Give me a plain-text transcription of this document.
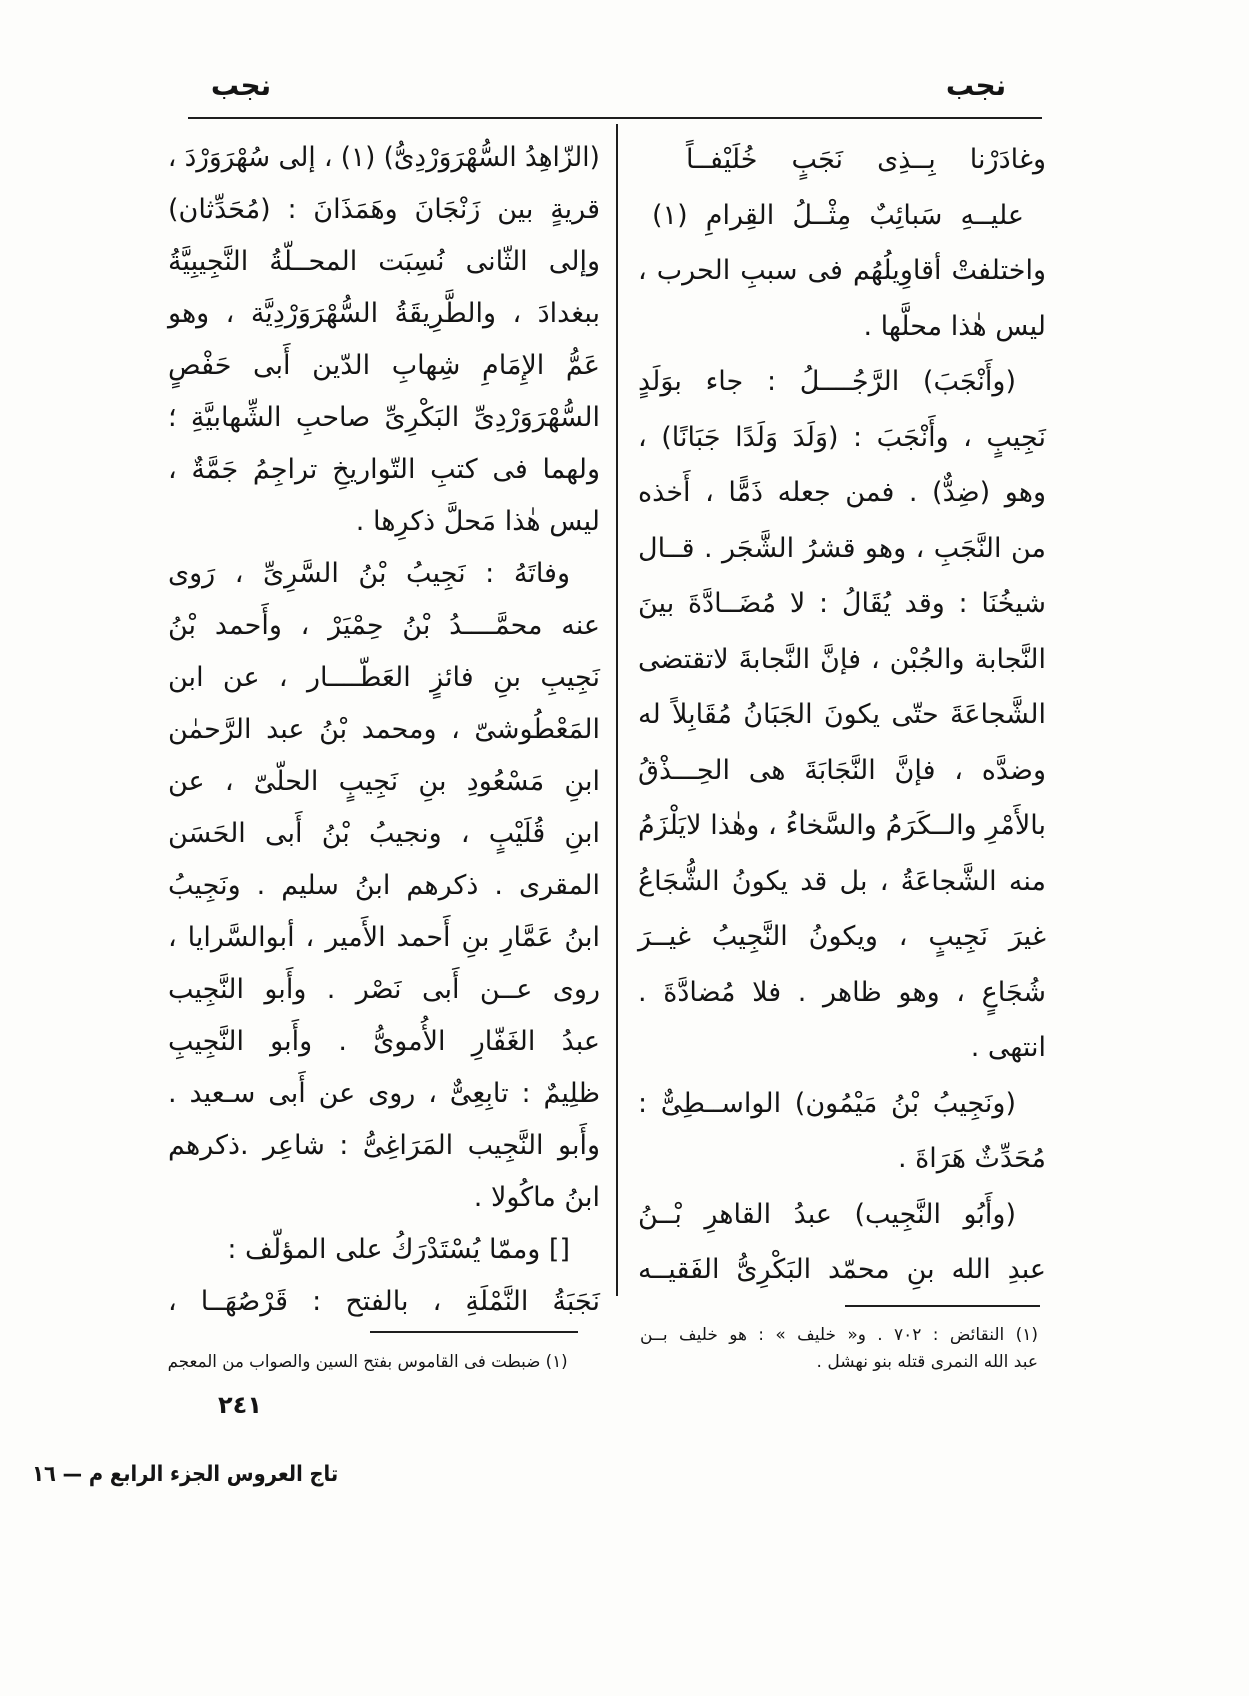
نجب
نجب
وغادَرْنا بِــذِى نَجَبٍ خُلَيْفــاً
عليــهِ سَبائِبٌ مِثْــلُ القِرامِ (١)
واختلفتْ أقاوِيلُهُم فى سببِ الحرب ،
ليس هٰذا محلَّها .
(وأَنْجَبَ) الرَّجُــــلُ : جاء بوَلَدٍ
نَجِيبٍ ، وأَنْجَبَ : (وَلَدَ وَلَدًا جَبَانًا) ،
وهو (ضِدٌّ) . فمن جعله ذَمًّا ، أَخذه
من النَّجَبِ ، وهو قشرُ الشَّجَر . قــال
شيخُنَا : وقد يُقَالُ : لا مُضَــادَّةَ بينَ
النَّجابة والجُبْن ، فإنَّ النَّجابةَ لاتقتضى
الشَّجاعَةَ حتّى يكونَ الجَبَانُ مُقَابِلاً له
وضدَّه ، فإنَّ النَّجَابَةَ هى الحِـــذْقُ
بالأَمْرِ والــكَرَمُ والسَّخاءُ ، وهٰذا لايَلْزَمُ
منه الشَّجاعَةُ ، بل قد يكونُ الشُّجَاعُ
غيرَ نَجِيبٍ ، ويكونُ النَّجِيبُ غيــرَ
شُجَاعٍ ، وهو ظاهر . فلا مُضادَّةَ .
انتهى .
(ونَجِيبُ بْنُ مَيْمُون) الواســطِىٌّ :
مُحَدِّثٌ هَرَاةَ .
(وأَبُو النَّجِيب) عبدُ القاهرِ بْــنُ
عبدِ الله بنِ محمّد البَكْرِىُّ الفَقيــه
(الزّاهِدُ السُّهْرَوَرْدِىُّ) (١) ، إلى سُهْرَوَرْدَ ،
قريةٍ بين زَنْجَانَ وهَمَذَانَ : (مُحَدِّثان)
وإلى الثّانى نُسِبَت المحــلّةُ النَّجِيبِيَّةُ
ببغدادَ ، والطَّرِيقَةُ السُّهْرَوَرْدِيَّة ، وهو
عَمُّ الإِمَامِ شِهابِ الدّين أَبى حَفْصٍ
السُّهْرَوَرْدِىِّ البَكْرِىِّ صاحبِ الشِّهابيَّةِ ؛
ولهما فى كتبِ التّواريخِ تراجِمُ جَمَّةٌ ،
ليس هٰذا مَحلَّ ذكرِها .
وفاتَهُ : نَجِيبُ بْنُ السَّرِىِّ ، رَوى
عنه محمَّــــدُ بْنُ حِمْيَرْ ، وأَحمد بْنُ
نَجِيبِ بنِ فائزٍ العَطّــــار ، عن ابن
المَعْطُوشىّ ، ومحمد بْنُ عبد الرَّحمٰن
ابنِ مَسْعُودِ بنِ نَجِيبٍ الحلّىّ ، عن
ابنِ قُلَيْبٍ ، ونجيبُ بْنُ أَبى الحَسَن
المقرى . ذكرهم ابنُ سليم . ونَجِيبُ
ابنُ عَمَّارِ بنِ أَحمد الأَمير ، أبوالسَّرايا ،
روى عــن أَبى نَصْر . وأَبو النَّجِيب
عبدُ الغَفّارِ الأُموىُّ . وأَبو النَّجِيبِ
ظلِيمٌ : تابِعِىٌّ ، روى عن أَبى سـعيد .
وأَبو النَّجِيب المَرَاغِىُّ : شاعِر .ذكرهم
ابنُ ماكُولا .
[] وممّا يُسْتَدْرَكُ على المؤلّف :
نَجَبَةُ النَّمْلَةِ ، بالفتح : قَرْصُهَــا ،
(١) النقائض : ٧٠٢ . و« خليف » : هو خليف بــن
عبد الله النمرى قتله بنو نهشل .
(١) ضبطت فى القاموس بفتح السين والصواب من المعجم
٢٤١
تاج العروس الجزء الرابع م — ١٦
